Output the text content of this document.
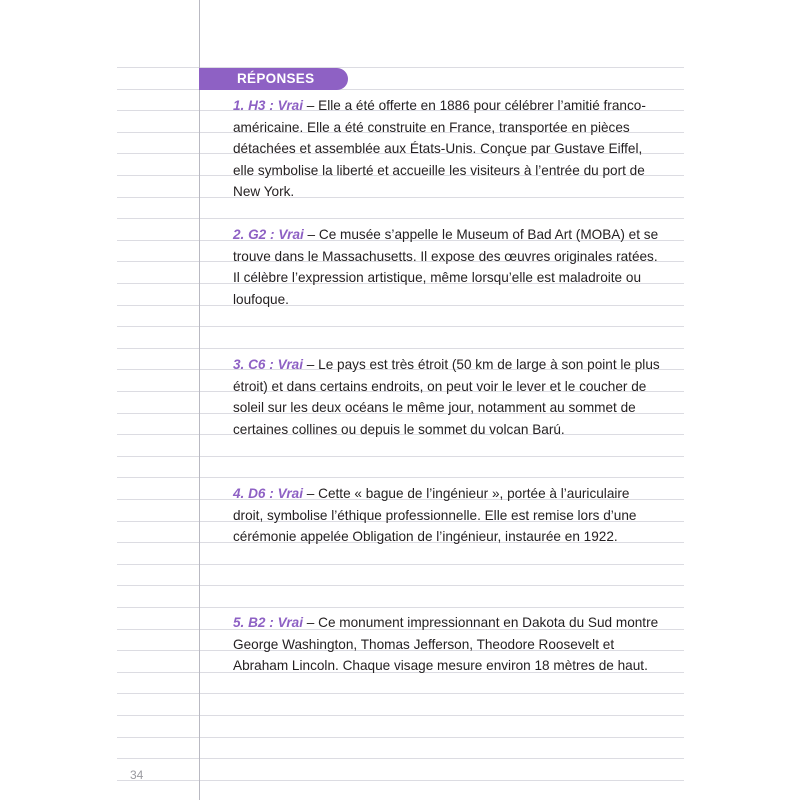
RÉPONSES

1. H3 : Vrai – Elle a été offerte en 1886 pour célébrer l’amitié franco-américaine. Elle a été construite en France, transportée en pièces détachées et assemblée aux États-Unis. Conçue par Gustave Eiffel, elle symbolise la liberté et accueille les visiteurs à l’entrée du port de New York.

2. G2 : Vrai – Ce musée s’appelle le Museum of Bad Art (MOBA) et se trouve dans le Massachusetts. Il expose des œuvres originales ratées. Il célèbre l’expression artistique, même lorsqu’elle est maladroite ou loufoque.

3. C6 : Vrai – Le pays est très étroit (50 km de large à son point le plus étroit) et dans certains endroits, on peut voir le lever et le coucher de soleil sur les deux océans le même jour, notamment au sommet de certaines collines ou depuis le sommet du volcan Barú.

4. D6 : Vrai – Cette « bague de l’ingénieur », portée à l’auriculaire droit, symbolise l’éthique professionnelle. Elle est remise lors d’une cérémonie appelée Obligation de l’ingénieur, instaurée en 1922.

5. B2 : Vrai – Ce monument impressionnant en Dakota du Sud montre George Washington, Thomas Jefferson, Theodore Roosevelt et Abraham Lincoln. Chaque visage mesure environ 18 mètres de haut.

34
